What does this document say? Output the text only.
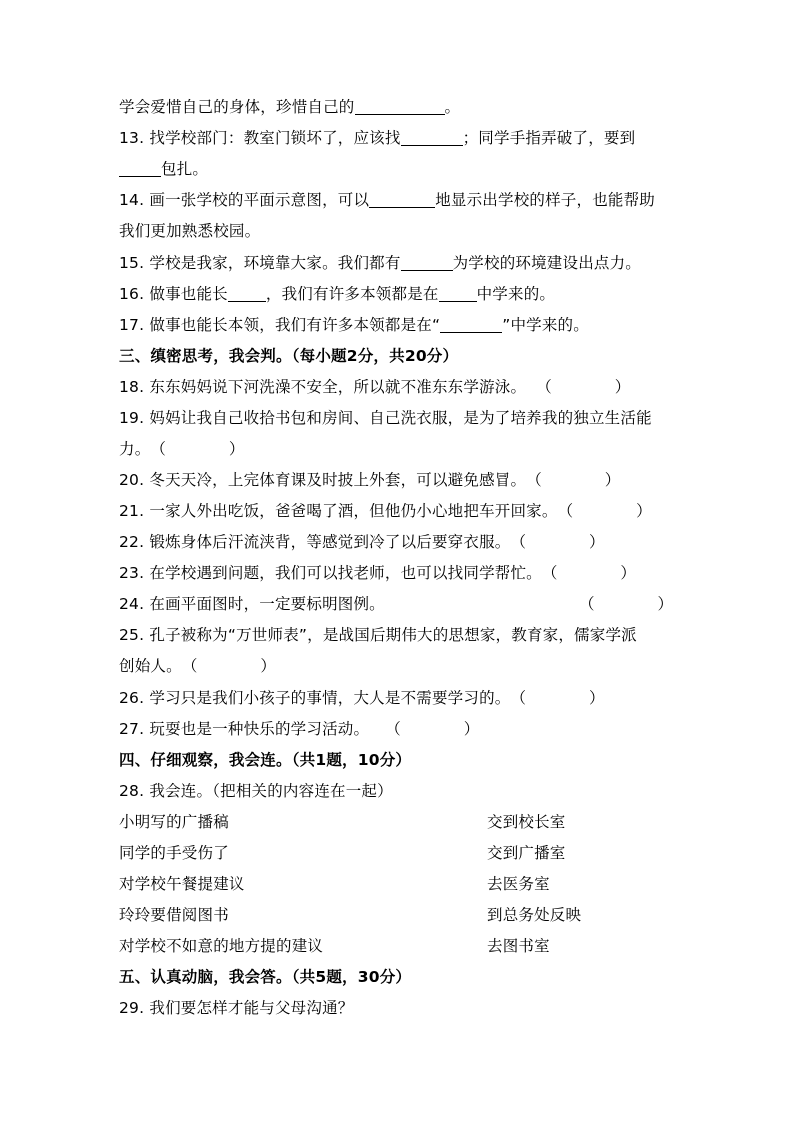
学会爱惜自己的身体，珍惜自己的	。
13. 找学校部门：教室门锁坏了，应该找	；同学手指弄破了，要到
包扎。
14. 画一张学校的平面示意图，可以	地显示出学校的样子，也能帮助
我们更加熟悉校园。
15. 学校是我家，环境靠大家。我们都有	为学校的环境建设出点力。
16. 做事也能长 ，我们有许多本领都是在 中学来的。
17. 做事也能长本领，我们有许多本领都是在“	”中学来的。
三、缜密思考，我会判。（每小题2分，共20分）
18. 东东妈妈说下河洗澡不安全，所以就不准东东学游泳。 （　　　　）
19. 妈妈让我自己收拾书包和房间、自己洗衣服，是为了培养我的独立生活能
力。（　　　　）
20. 冬天天冷，上完体育课及时披上外套，可以避免感冒。（　　　　）
21. 一家人外出吃饭，爸爸喝了酒，但他仍小心地把车开回家。（　　　　）
22. 锻炼身体后汗流浃背，等感觉到冷了以后要穿衣服。（　　　　）
23. 在学校遇到问题，我们可以找老师，也可以找同学帮忙。（　　　　）
24. 在画平面图时，一定要标明图例。	（　　　　）
25. 孔子被称为“万世师表”，是战国后期伟大的思想家，教育家，儒家学派
创始人。（　　　　）
26. 学习只是我们小孩子的事情，大人是不需要学习的。（　　　　）
27. 玩耍也是一种快乐的学习活动。 （　　　　）
四、仔细观察，我会连。（共1题，10分）
28. 我会连。（把相关的内容连在一起）
小明写的广播稿	交到校长室
同学的手受伤了	交到广播室
对学校午餐提建议	去医务室
玲玲要借阅图书	到总务处反映
对学校不如意的地方提的建议	去图书室
五、认真动脑，我会答。（共5题，30分）
29. 我们要怎样才能与父母沟通？
